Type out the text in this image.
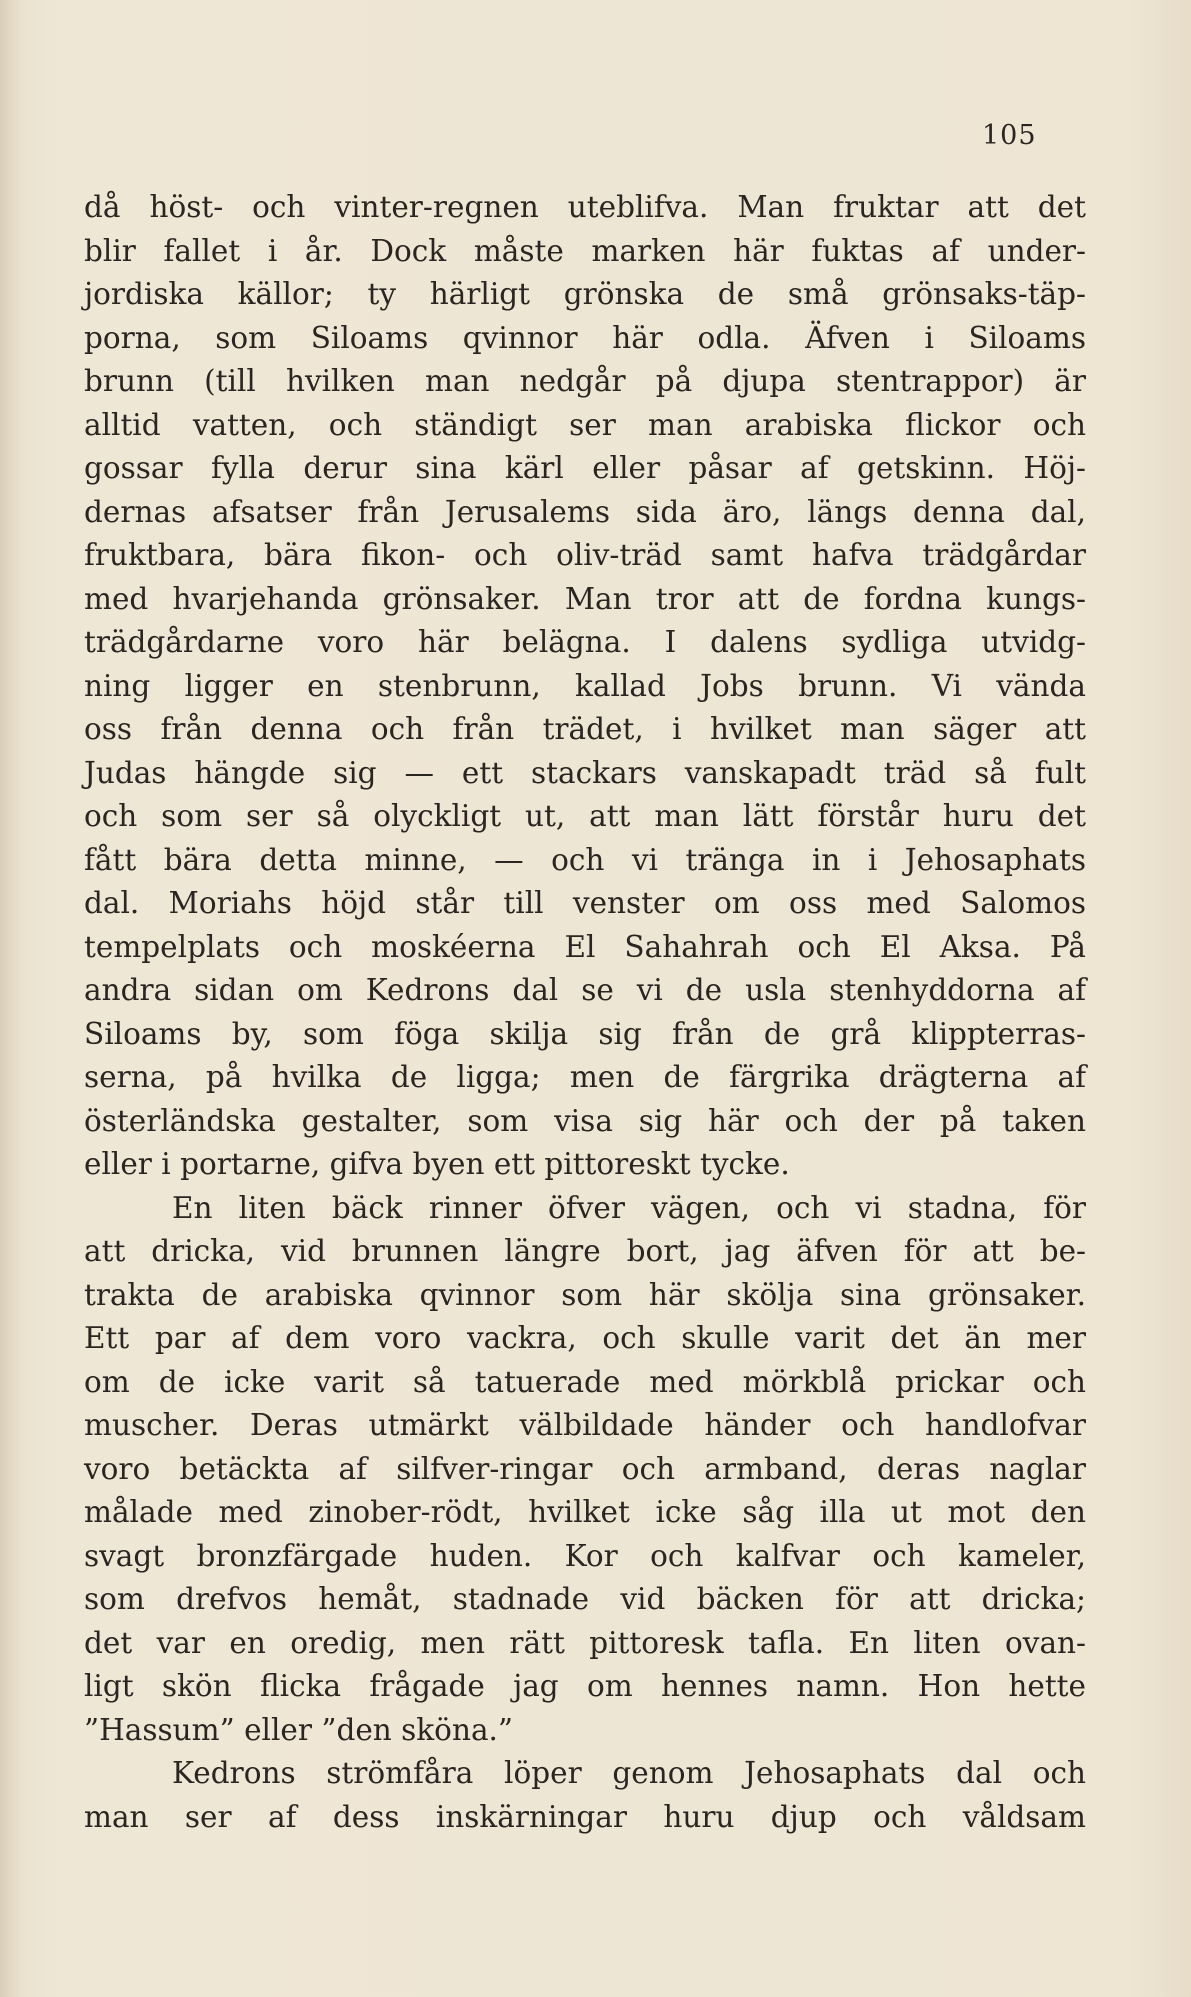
105
då höst- och vinter-regnen uteblifva. Man fruktar att det
blir fallet i år. Dock måste marken här fuktas af under-
jordiska källor; ty härligt grönska de små grönsaks-täp-
porna, som Siloams qvinnor här odla. Äfven i Siloams
brunn (till hvilken man nedgår på djupa stentrappor) är
alltid vatten, och ständigt ser man arabiska flickor och
gossar fylla derur sina kärl eller påsar af getskinn. Höj-
dernas afsatser från Jerusalems sida äro, längs denna dal,
fruktbara, bära fikon- och oliv-träd samt hafva trädgårdar
med hvarjehanda grönsaker. Man tror att de fordna kungs-
trädgårdarne voro här belägna. I dalens sydliga utvidg-
ning ligger en stenbrunn, kallad Jobs brunn. Vi vända
oss från denna och från trädet, i hvilket man säger att
Judas hängde sig — ett stackars vanskapadt träd så fult
och som ser så olyckligt ut, att man lätt förstår huru det
fått bära detta minne, — och vi tränga in i Jehosaphats
dal. Moriahs höjd står till venster om oss med Salomos
tempelplats och moskéerna El Sahahrah och El Aksa. På
andra sidan om Kedrons dal se vi de usla stenhyddorna af
Siloams by, som föga skilja sig från de grå klippterras-
serna, på hvilka de ligga; men de färgrika drägterna af
österländska gestalter, som visa sig här och der på taken
eller i portarne, gifva byen ett pittoreskt tycke.
En liten bäck rinner öfver vägen, och vi stadna, för
att dricka, vid brunnen längre bort, jag äfven för att be-
trakta de arabiska qvinnor som här skölja sina grönsaker.
Ett par af dem voro vackra, och skulle varit det än mer
om de icke varit så tatuerade med mörkblå prickar och
muscher. Deras utmärkt välbildade händer och handlofvar
voro betäckta af silfver-ringar och armband, deras naglar
målade med zinober-rödt, hvilket icke såg illa ut mot den
svagt bronzfärgade huden. Kor och kalfvar och kameler,
som drefvos hemåt, stadnade vid bäcken för att dricka;
det var en oredig, men rätt pittoresk tafla. En liten ovan-
ligt skön flicka frågade jag om hennes namn. Hon hette
”Hassum” eller ”den sköna.”
Kedrons strömfåra löper genom Jehosaphats dal och
man ser af dess inskärningar huru djup och våldsam
